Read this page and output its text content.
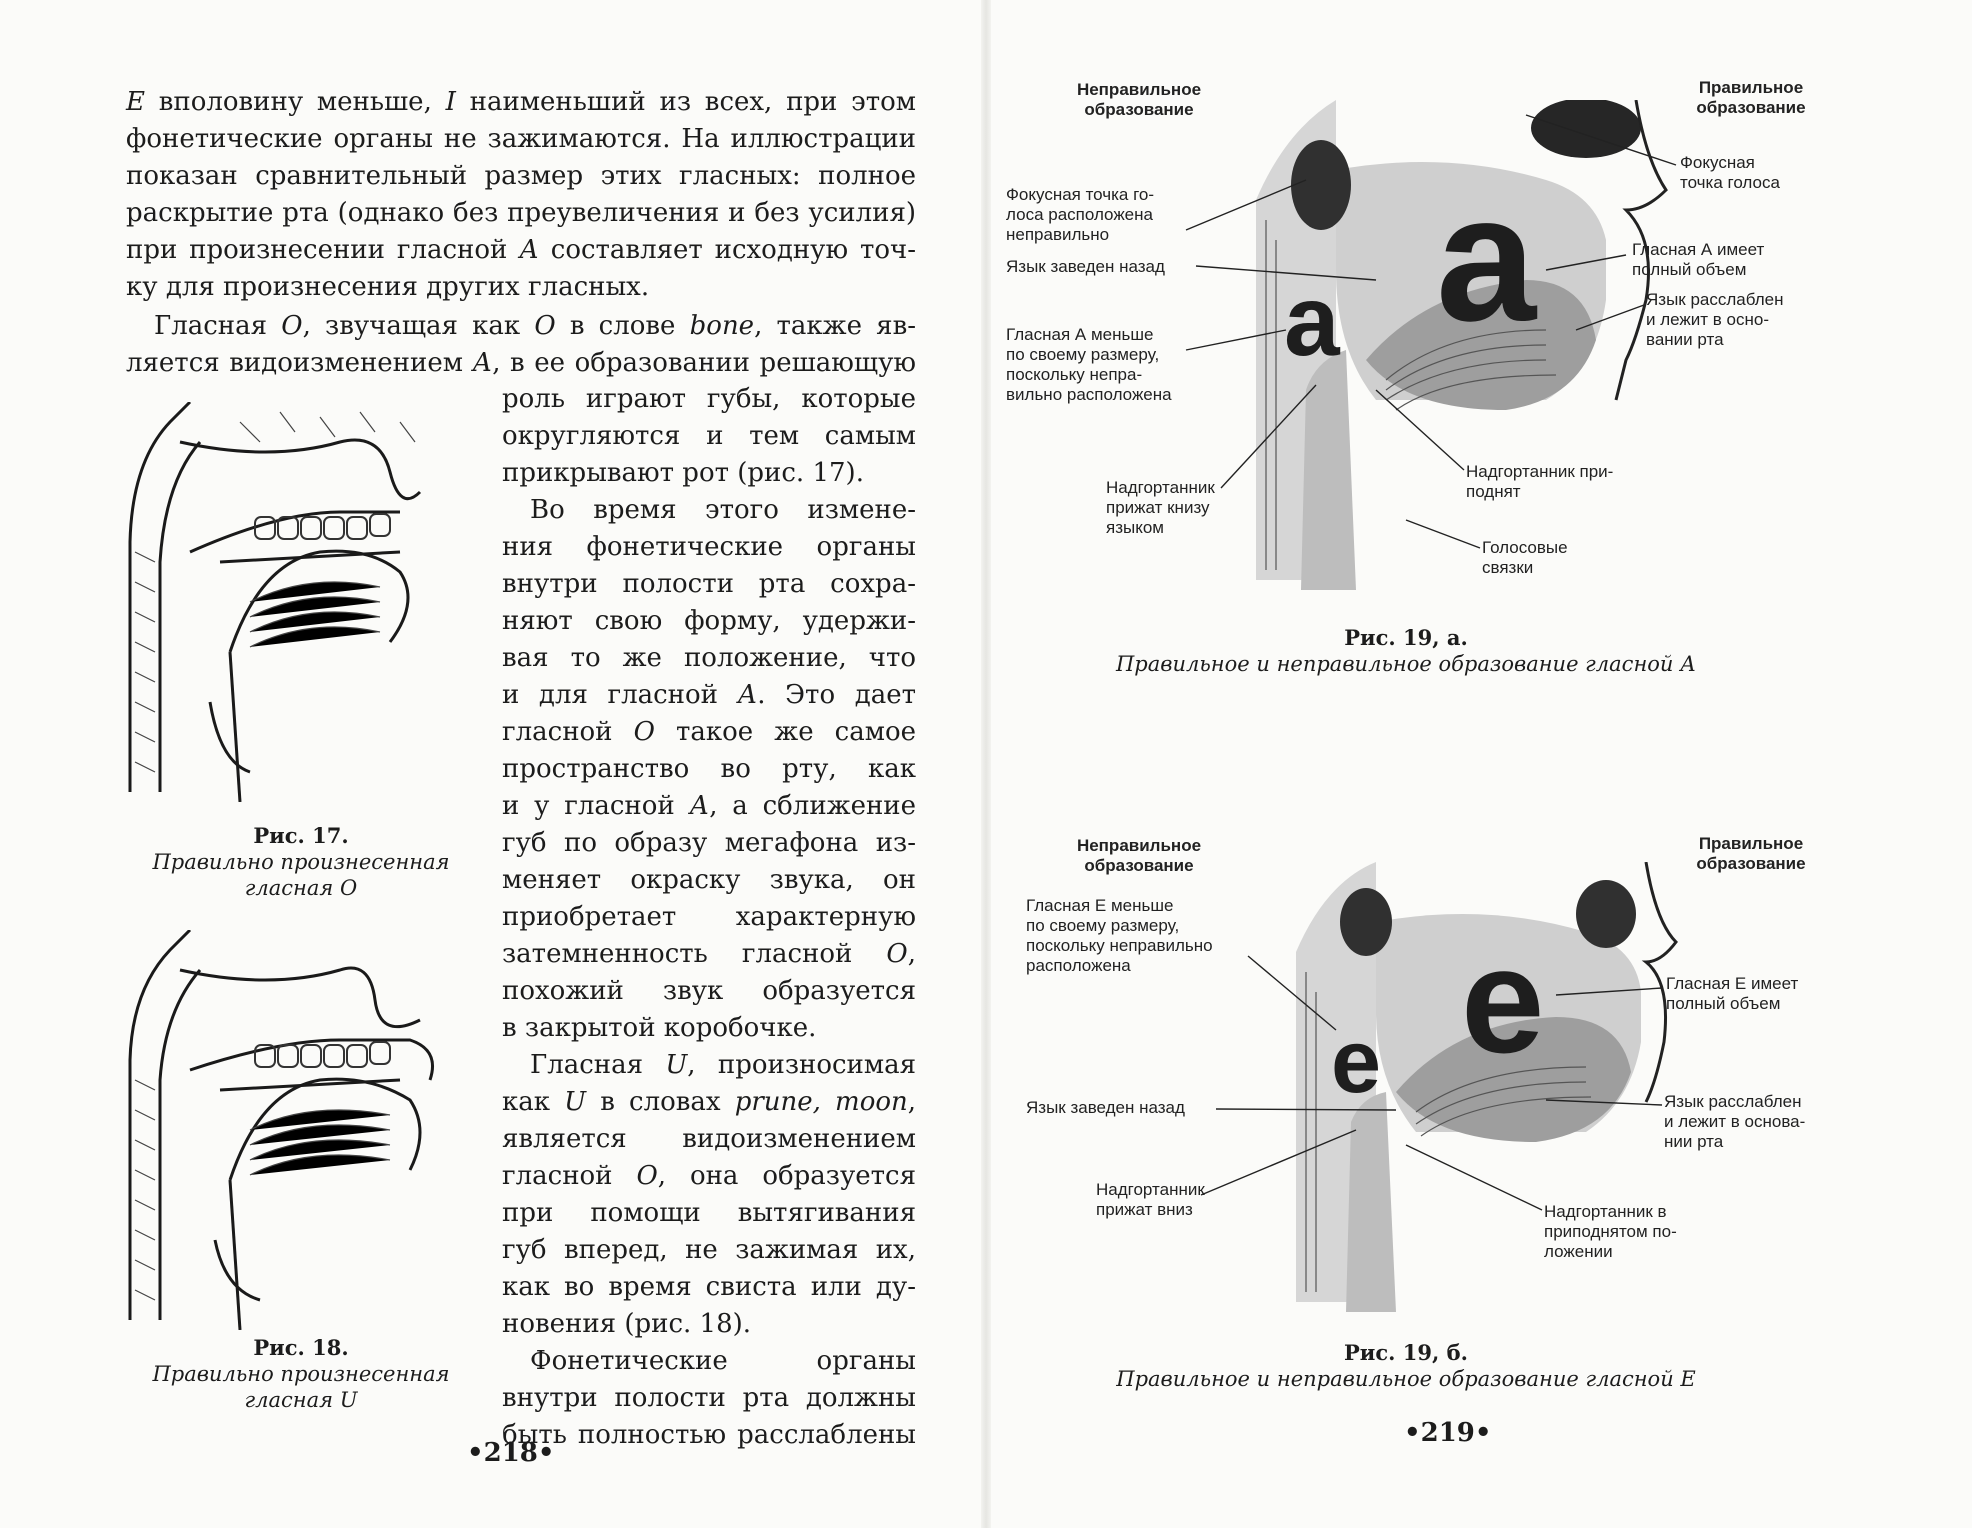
E вполовину меньше, I наименьший из всех, при этом
фонетические органы не зажимаются. На иллюстрации
показан сравнительный размер этих гласных: полное
раскрытие рта (однако без преувеличения и без усилия)
при произнесении гласной А составляет исходную точ-
ку для произнесения других гласных.
Гласная О, звучащая как О в слове bone, также яв-
ляется видоизменением А, в ее образовании решающую
роль играют губы, которые
округляются и тем самым
прикрывают рот (рис. 17).
Во время этого измене-
ния фонетические органы
внутри полости рта сохра-
няют свою форму, удержи-
вая то же положение, что
и для гласной А. Это дает
гласной О такое же самое
пространство во рту, как
и у гласной А, а сближение
губ по образу мегафона из-
меняет окраску звука, он
приобретает характерную
затемненность гласной О,
похожий звук образуется
в закрытой коробочке.
Гласная U, произносимая
как U в словах prune, moon,
является видоизменением
гласной О, она образуется
при помощи вытягивания
губ вперед, не зажимая их,
как во время свиста или ду-
новения (рис. 18).
Фонетические органы
внутри полости рта должны
быть полностью расслаблены
Рис. 17.
Правильно произнесенная
гласная О
Рис. 18.
Правильно произнесенная
гласная U
•218•
Неправильное
образование
Правильное
образование
a
a
Фокусная точка го-
лоса расположена
неправильно
Язык заведен назад
Гласная А меньше
по своему размеру,
поскольку непра-
вильно расположена
Надгортанник
прижат книзу
языком
Фокусная
точка голоса
Гласная А имеет
полный объем
Язык расслаблен
и лежит в осно-
вании рта
Надгортанник при-
поднят
Голосовые
связки
Рис. 19, а.
Правильное и неправильное образование гласной А
Неправильное
образование
Правильное
образование
e
e
Гласная Е меньше
по своему размеру,
поскольку неправильно
расположена
Язык заведен назад
Надгортанник
прижат вниз
Гласная Е имеет
полный объем
Язык расслаблен
и лежит в основа-
нии рта
Надгортанник в
приподнятом по-
ложении
Рис. 19, б.
Правильное и неправильное образование гласной Е
•219•
